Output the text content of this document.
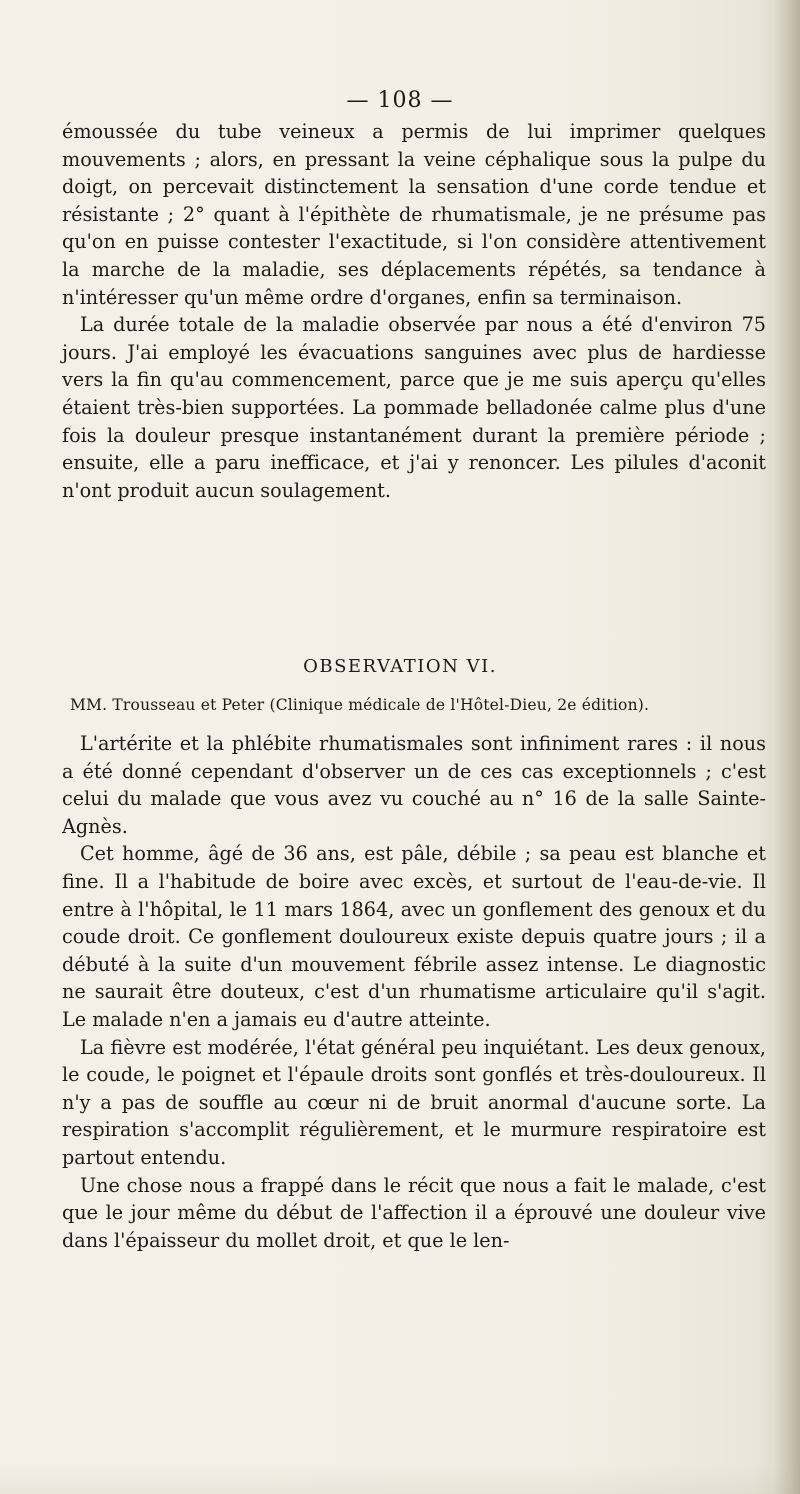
— 108 —

émoussée du tube veineux a permis de lui imprimer quelques mouvements ; alors, en pressant la veine céphalique sous la pulpe du doigt, on percevait distinctement la sensation d'une corde tendue et résistante ; 2° quant à l'épithète de rhumatismale, je ne présume pas qu'on en puisse contester l'exactitude, si l'on considère attentivement la marche de la maladie, ses déplacements répétés, sa tendance à n'intéresser qu'un même ordre d'organes, enfin sa terminaison.

La durée totale de la maladie observée par nous a été d'environ 75 jours. J'ai employé les évacuations sanguines avec plus de hardiesse vers la fin qu'au commencement, parce que je me suis aperçu qu'elles étaient très-bien supportées. La pommade belladonée calme plus d'une fois la douleur presque instantanément durant la première période ; ensuite, elle a paru inefficace, et j'ai y renoncer. Les pilules d'aconit n'ont produit aucun soulagement.

OBSERVATION VI.
MM. Trousseau et Peter (Clinique médicale de l'Hôtel-Dieu, 2e édition).

L'artérite et la phlébite rhumatismales sont infiniment rares : il nous a été donné cependant d'observer un de ces cas exceptionnels ; c'est celui du malade que vous avez vu couché au n° 16 de la salle Sainte-Agnès.

Cet homme, âgé de 36 ans, est pâle, débile ; sa peau est blanche et fine. Il a l'habitude de boire avec excès, et surtout de l'eau-de-vie. Il entre à l'hôpital, le 11 mars 1864, avec un gonflement des genoux et du coude droit. Ce gonflement douloureux existe depuis quatre jours ; il a débuté à la suite d'un mouvement fébrile assez intense. Le diagnostic ne saurait être douteux, c'est d'un rhumatisme articulaire qu'il s'agit. Le malade n'en a jamais eu d'autre atteinte.

La fièvre est modérée, l'état général peu inquiétant. Les deux genoux, le coude, le poignet et l'épaule droits sont gonflés et très-douloureux. Il n'y a pas de souffle au cœur ni de bruit anormal d'aucune sorte. La respiration s'accomplit régulièrement, et le murmure respiratoire est partout entendu.

Une chose nous a frappé dans le récit que nous a fait le malade, c'est que le jour même du début de l'affection il a éprouvé une douleur vive dans l'épaisseur du mollet droit, et que le len-
